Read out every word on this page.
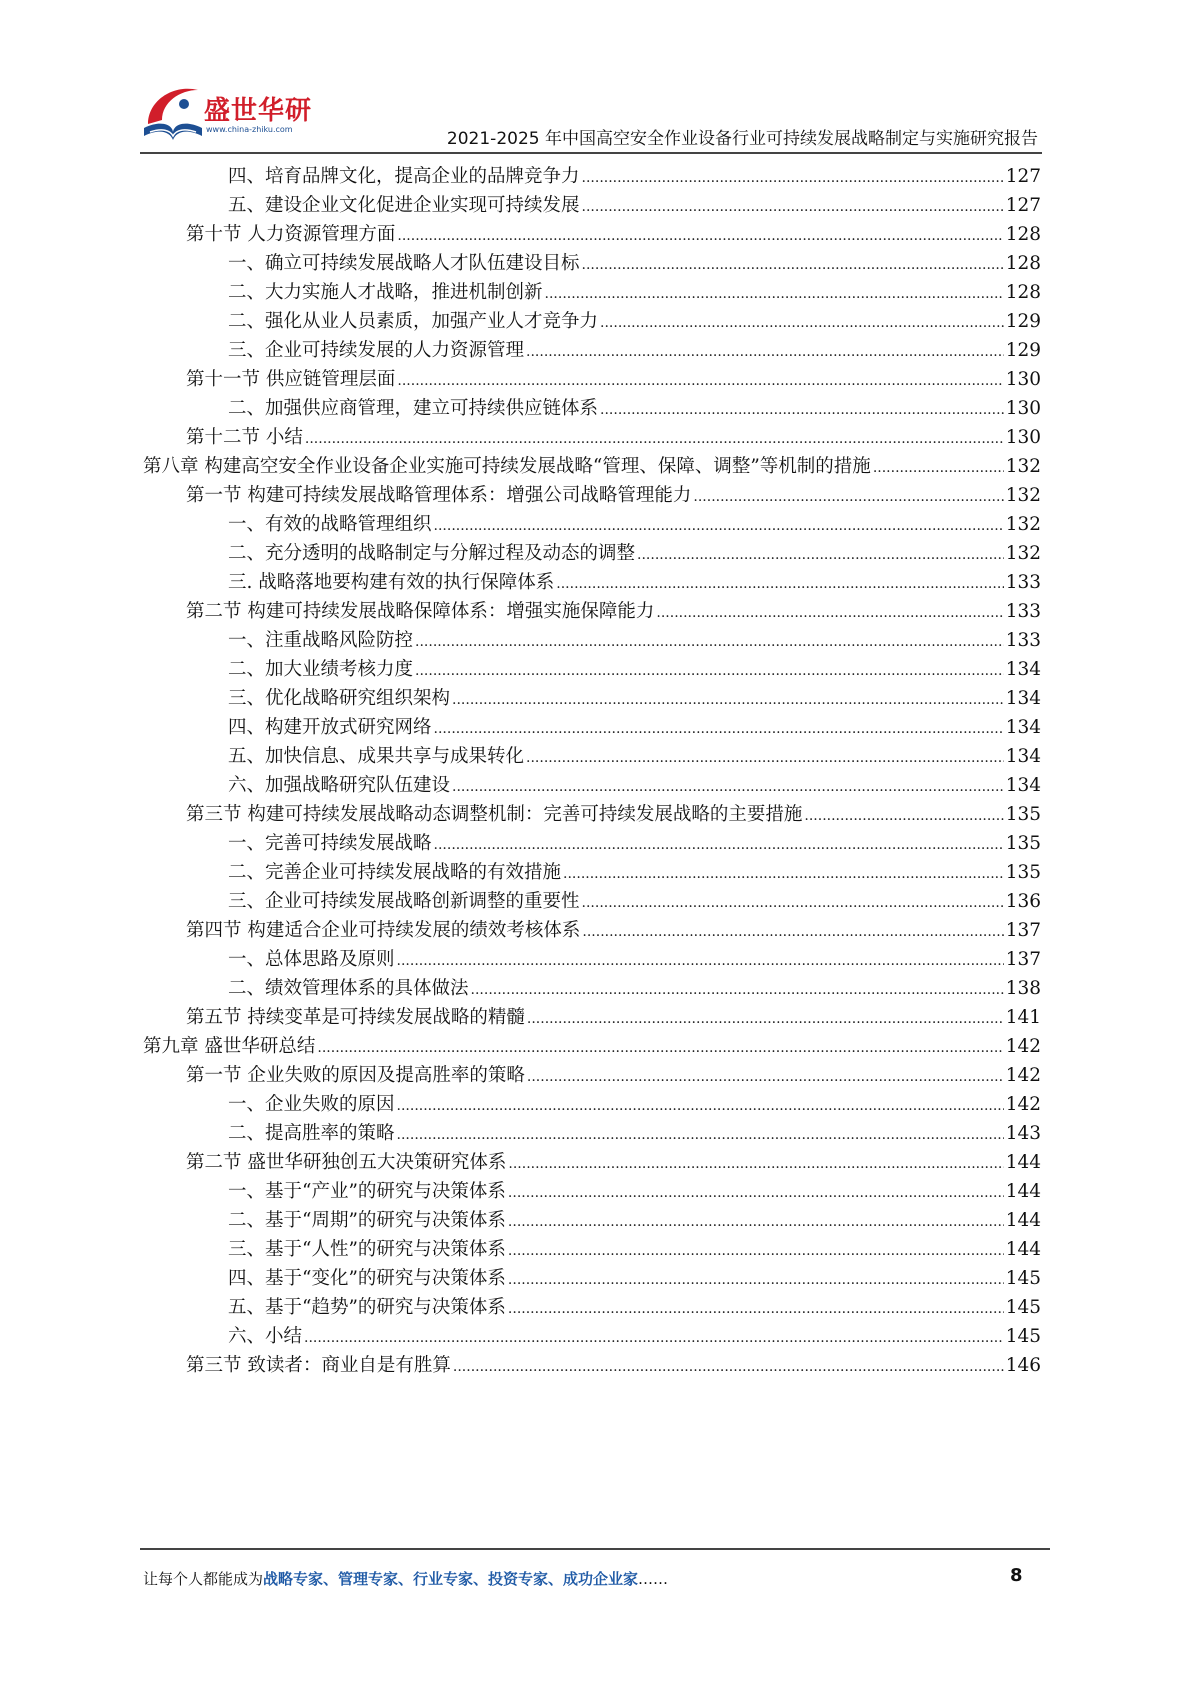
盛世华研
www.china-zhiku.com	2021-2025 年中国高空安全作业设备行业可持续发展战略制定与实施研究报告
四、培育品牌文化，提高企业的品牌竞争力 .....	127
五、建设企业文化促进企业实现可持续发展 .....	127
第十节 人力资源管理方面 .....	128
一、确立可持续发展战略人才队伍建设目标 .....	128
二、大力实施人才战略，推进机制创新 .....	128
二、强化从业人员素质，加强产业人才竞争力 .....	129
三、企业可持续发展的人力资源管理 .....	129
第十一节 供应链管理层面 .....	130
二、加强供应商管理，建立可持续供应链体系 .....	130
第十二节 小结 .....	130
第八章 构建高空安全作业设备企业实施可持续发展战略“管理、保障、调整”等机制的措施 .....	132
第一节 构建可持续发展战略管理体系：增强公司战略管理能力 .....	132
一、有效的战略管理组织 .....	132
二、充分透明的战略制定与分解过程及动态的调整 .....	132
三. 战略落地要构建有效的执行保障体系 .....	133
第二节 构建可持续发展战略保障体系：增强实施保障能力 .....	133
一、注重战略风险防控 .....	133
二、加大业绩考核力度 .....	134
三、优化战略研究组织架构 .....	134
四、构建开放式研究网络 .....	134
五、加快信息、成果共享与成果转化 .....	134
六、加强战略研究队伍建设 .....	134
第三节 构建可持续发展战略动态调整机制：完善可持续发展战略的主要措施 .....	135
一、完善可持续发展战略 .....	135
二、完善企业可持续发展战略的有效措施 .....	135
三、企业可持续发展战略创新调整的重要性 .....	136
第四节 构建适合企业可持续发展的绩效考核体系 .....	137
一、总体思路及原则 .....	137
二、绩效管理体系的具体做法 .....	138
第五节 持续变革是可持续发展战略的精髓 .....	141
第九章 盛世华研总结 .....	142
第一节 企业失败的原因及提高胜率的策略 .....	142
一、企业失败的原因 .....	142
二、提高胜率的策略 .....	143
第二节 盛世华研独创五大决策研究体系 .....	144
一、基于“产业”的研究与决策体系 .....	144
二、基于“周期”的研究与决策体系 .....	144
三、基于“人性”的研究与决策体系 .....	144
四、基于“变化”的研究与决策体系 .....	145
五、基于“趋势”的研究与决策体系 .....	145
六、小结 .....	145
第三节 致读者：商业自是有胜算 .....	146
让每个人都能成为战略专家、管理专家、行业专家、投资专家、成功企业家……	8
